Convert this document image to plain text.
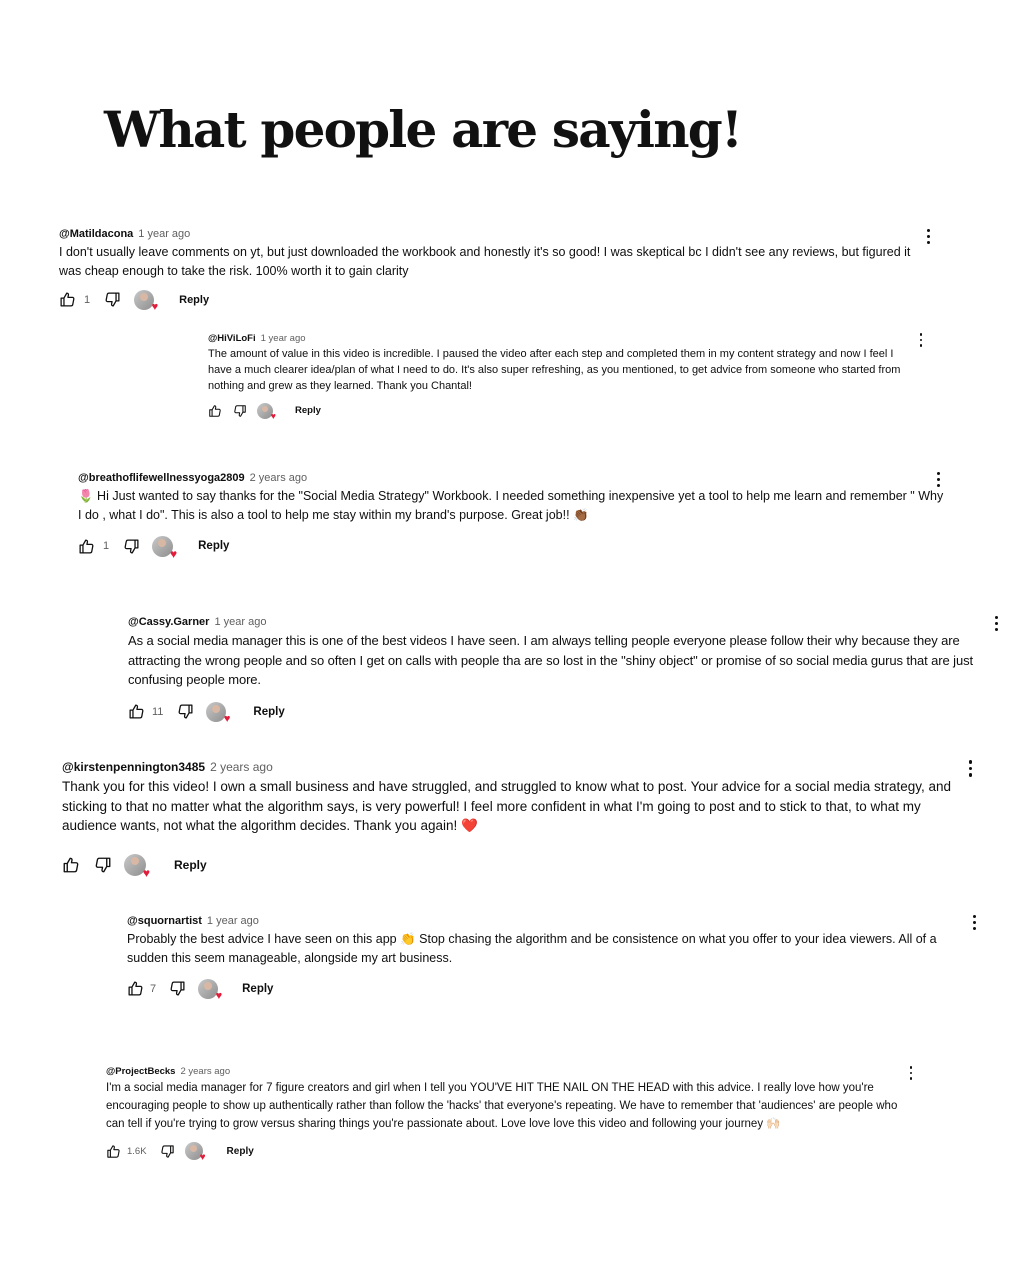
What people are saying!
@Matildacona 1 year ago
I don't usually leave comments on yt, but just downloaded the workbook and honestly it's so good! I was skeptical bc I didn't see any reviews, but figured it was cheap enough to take the risk. 100% worth it to gain clarity
1
♥
Reply
@HiViLoFi 1 year ago
The amount of value in this video is incredible. I paused the video after each step and completed them in my content strategy and now I feel I have a much clearer idea/plan of what I need to do. It's also super refreshing, as you mentioned, to get advice from someone who started from nothing and grew as they learned. Thank you Chantal!
♥ Reply
@breathoflifewellnessyoga2809 2 years ago
🌷 Hi Just wanted to say thanks for the "Social Media Strategy" Workbook. I needed something inexpensive yet a tool to help me learn and remember " Why I do , what I do". This is also a tool to help me stay within my brand's purpose. Great job!! 👏🏾
1
♥
Reply
@Cassy.Garner 1 year ago
As a social media manager this is one of the best videos I have seen. I am always telling people everyone please follow their why because they are attracting the wrong people and so often I get on calls with people tha are so lost in the "shiny object" or promise of so social media gurus that are just confusing people more.
11
♥
Reply
@kirstenpennington3485 2 years ago
Thank you for this video! I own a small business and have struggled, and struggled to know what to post. Your advice for a social media strategy, and sticking to that no matter what the algorithm says, is very powerful! I feel more confident in what I'm going to post and to stick to that, to what my audience wants, not what the algorithm decides. Thank you again! ❤️
♥
Reply
@squornartist 1 year ago
Probably the best advice I have seen on this app 👏 Stop chasing the algorithm and be consistence on what you offer to your idea viewers. All of a sudden this seem manageable, alongside my art business.
7
♥
Reply
@ProjectBecks 2 years ago
I'm a social media manager for 7 figure creators and girl when I tell you YOU'VE HIT THE NAIL ON THE HEAD with this advice. I really love how you're encouraging people to show up authentically rather than follow the 'hacks' that everyone's repeating. We have to remember that 'audiences' are people who can tell if you're trying to grow versus sharing things you're passionate about. Love love love this video and following your journey 🙌🏻
1.6K
♥
Reply
